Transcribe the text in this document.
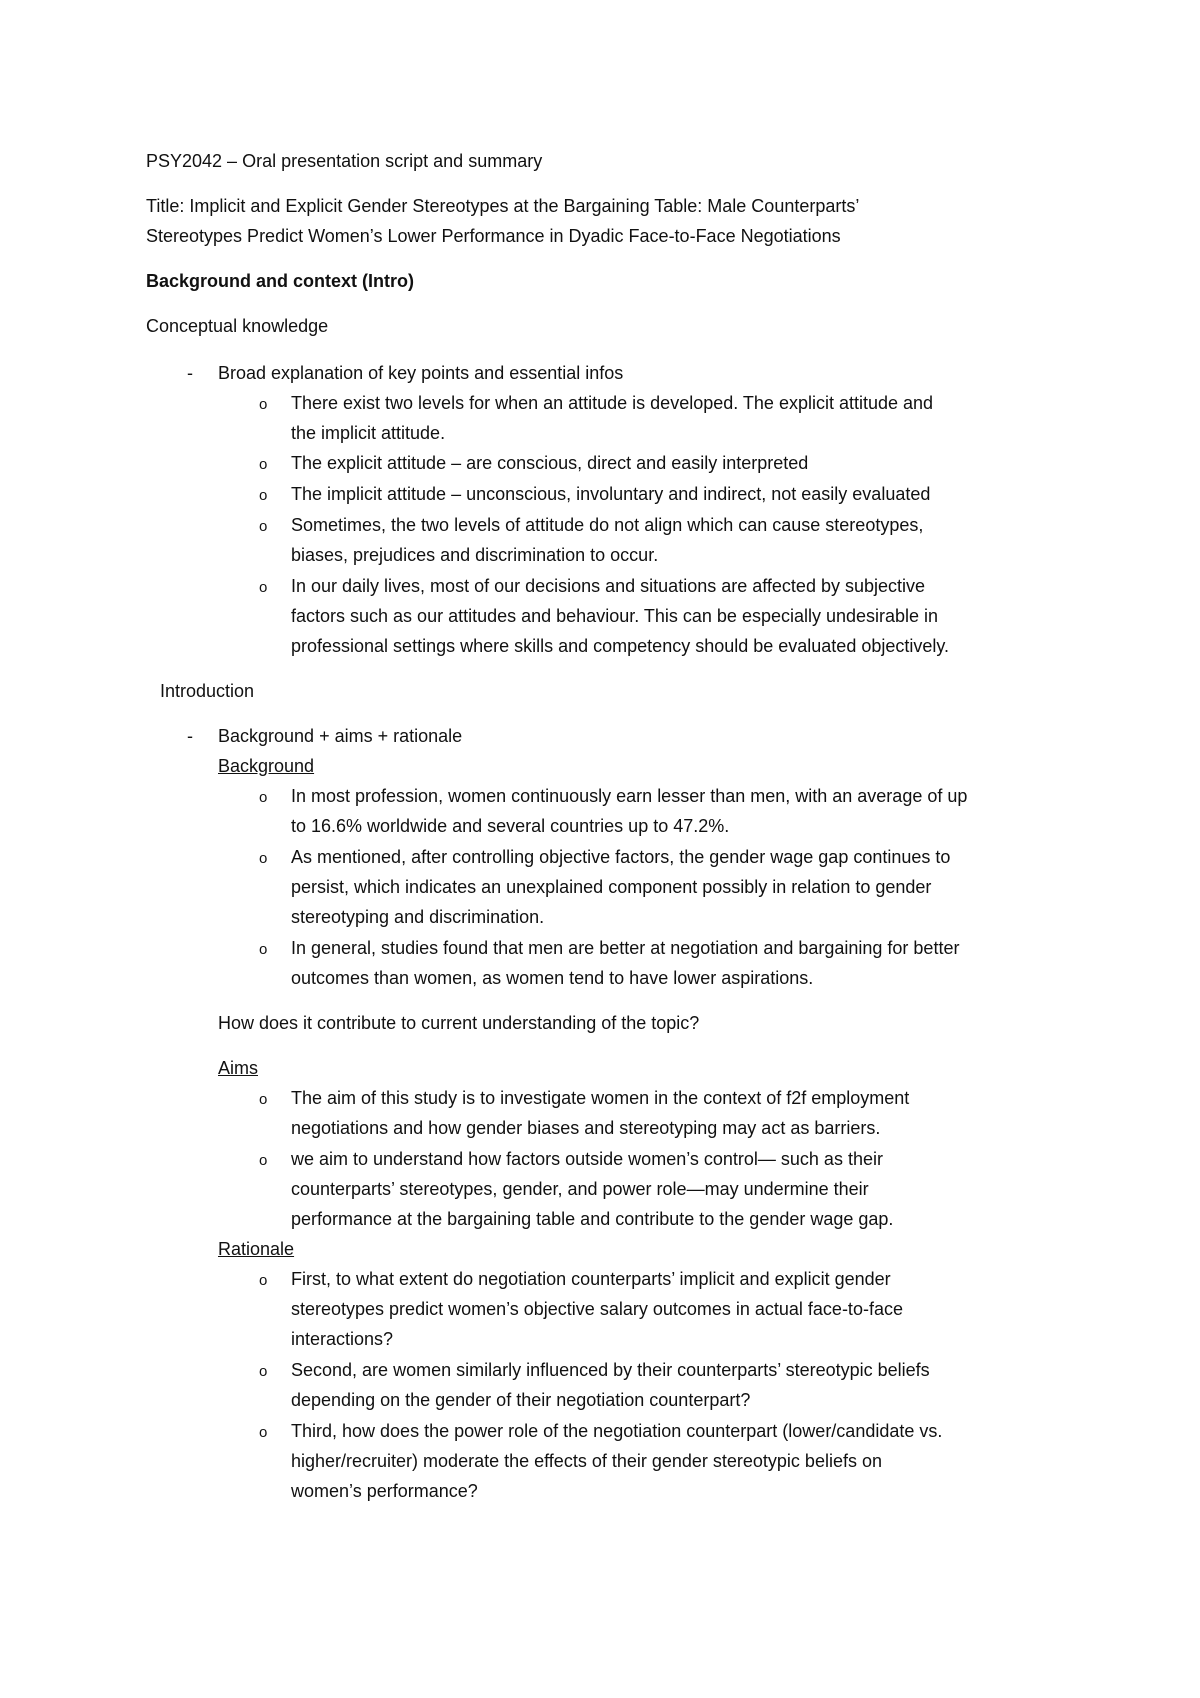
PSY2042 – Oral presentation script and summary
Title: Implicit and Explicit Gender Stereotypes at the Bargaining Table: Male Counterparts’
Stereotypes Predict Women’s Lower Performance in Dyadic Face-to-Face Negotiations
Background and context (Intro)
Conceptual knowledge
-	Broad explanation of key points and essential infos
o There exist two levels for when an attitude is developed. The explicit attitude and
the implicit attitude.
o The explicit attitude – are conscious, direct and easily interpreted
o The implicit attitude – unconscious, involuntary and indirect, not easily evaluated
o Sometimes, the two levels of attitude do not align which can cause stereotypes,
biases, prejudices and discrimination to occur.
o In our daily lives, most of our decisions and situations are affected by subjective
factors such as our attitudes and behaviour. This can be especially undesirable in
professional settings where skills and competency should be evaluated objectively.
Introduction
-	Background + aims + rationale
Background
o In most profession, women continuously earn lesser than men, with an average of up
to 16.6% worldwide and several countries up to 47.2%.
o As mentioned, after controlling objective factors, the gender wage gap continues to
persist, which indicates an unexplained component possibly in relation to gender
stereotyping and discrimination.
o In general, studies found that men are better at negotiation and bargaining for better
outcomes than women, as women tend to have lower aspirations.
How does it contribute to current understanding of the topic?
Aims
o The aim of this study is to investigate women in the context of f2f employment
negotiations and how gender biases and stereotyping may act as barriers.
o we aim to understand how factors outside women’s control— such as their
counterparts’ stereotypes, gender, and power role—may undermine their
performance at the bargaining table and contribute to the gender wage gap.
Rationale
o First, to what extent do negotiation counterparts’ implicit and explicit gender
stereotypes predict women’s objective salary outcomes in actual face-to-face
interactions?
o Second, are women similarly influenced by their counterparts’ stereotypic beliefs
depending on the gender of their negotiation counterpart?
o Third, how does the power role of the negotiation counterpart (lower/candidate vs.
higher/recruiter) moderate the effects of their gender stereotypic beliefs on
women’s performance?
